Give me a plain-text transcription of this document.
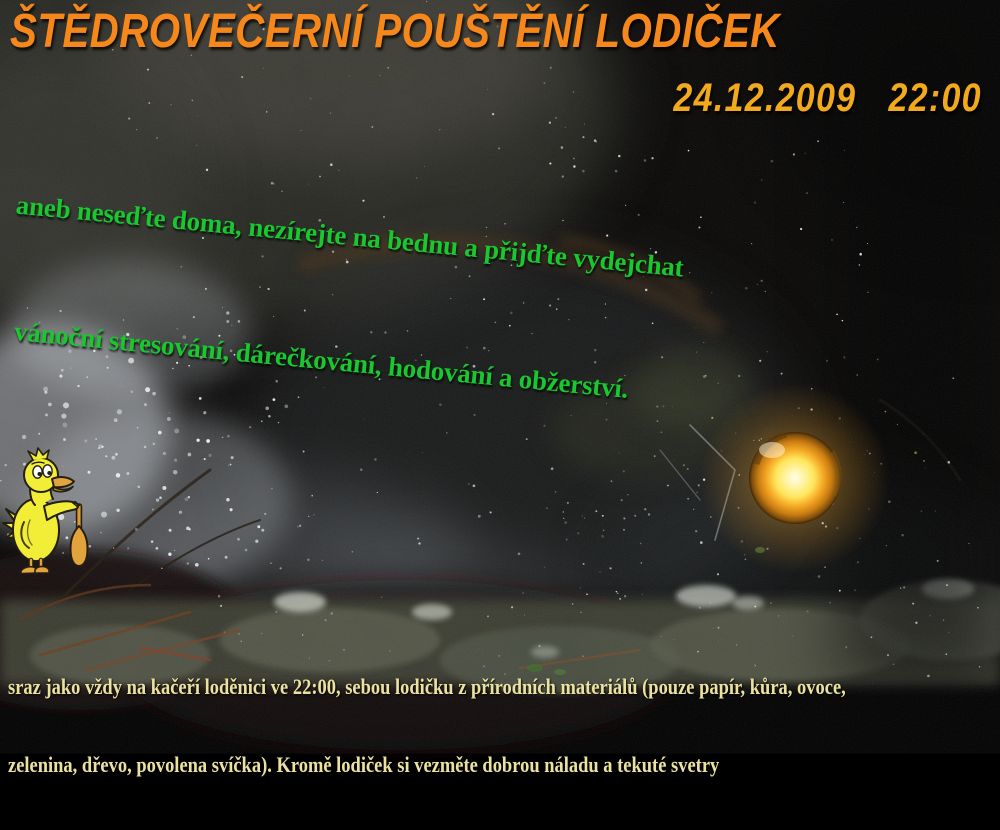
ŠTĚDROVEČERNÍ POUŠTĚNÍ LODIČEK
24.12.2009   22:00

aneb neseďte doma, nezírejte na bednu a přijďte vydejchat

vánoční stresování, dárečkování, hodování a obžerství.

sraz jako vždy na kačeří loděnici ve 22:00, sebou lodičku z přírodních materiálů (pouze papír, kůra, ovoce,

zelenina, dřevo, povolena svíčka). Kromě lodiček si vezměte dobrou náladu a tekuté svetry
